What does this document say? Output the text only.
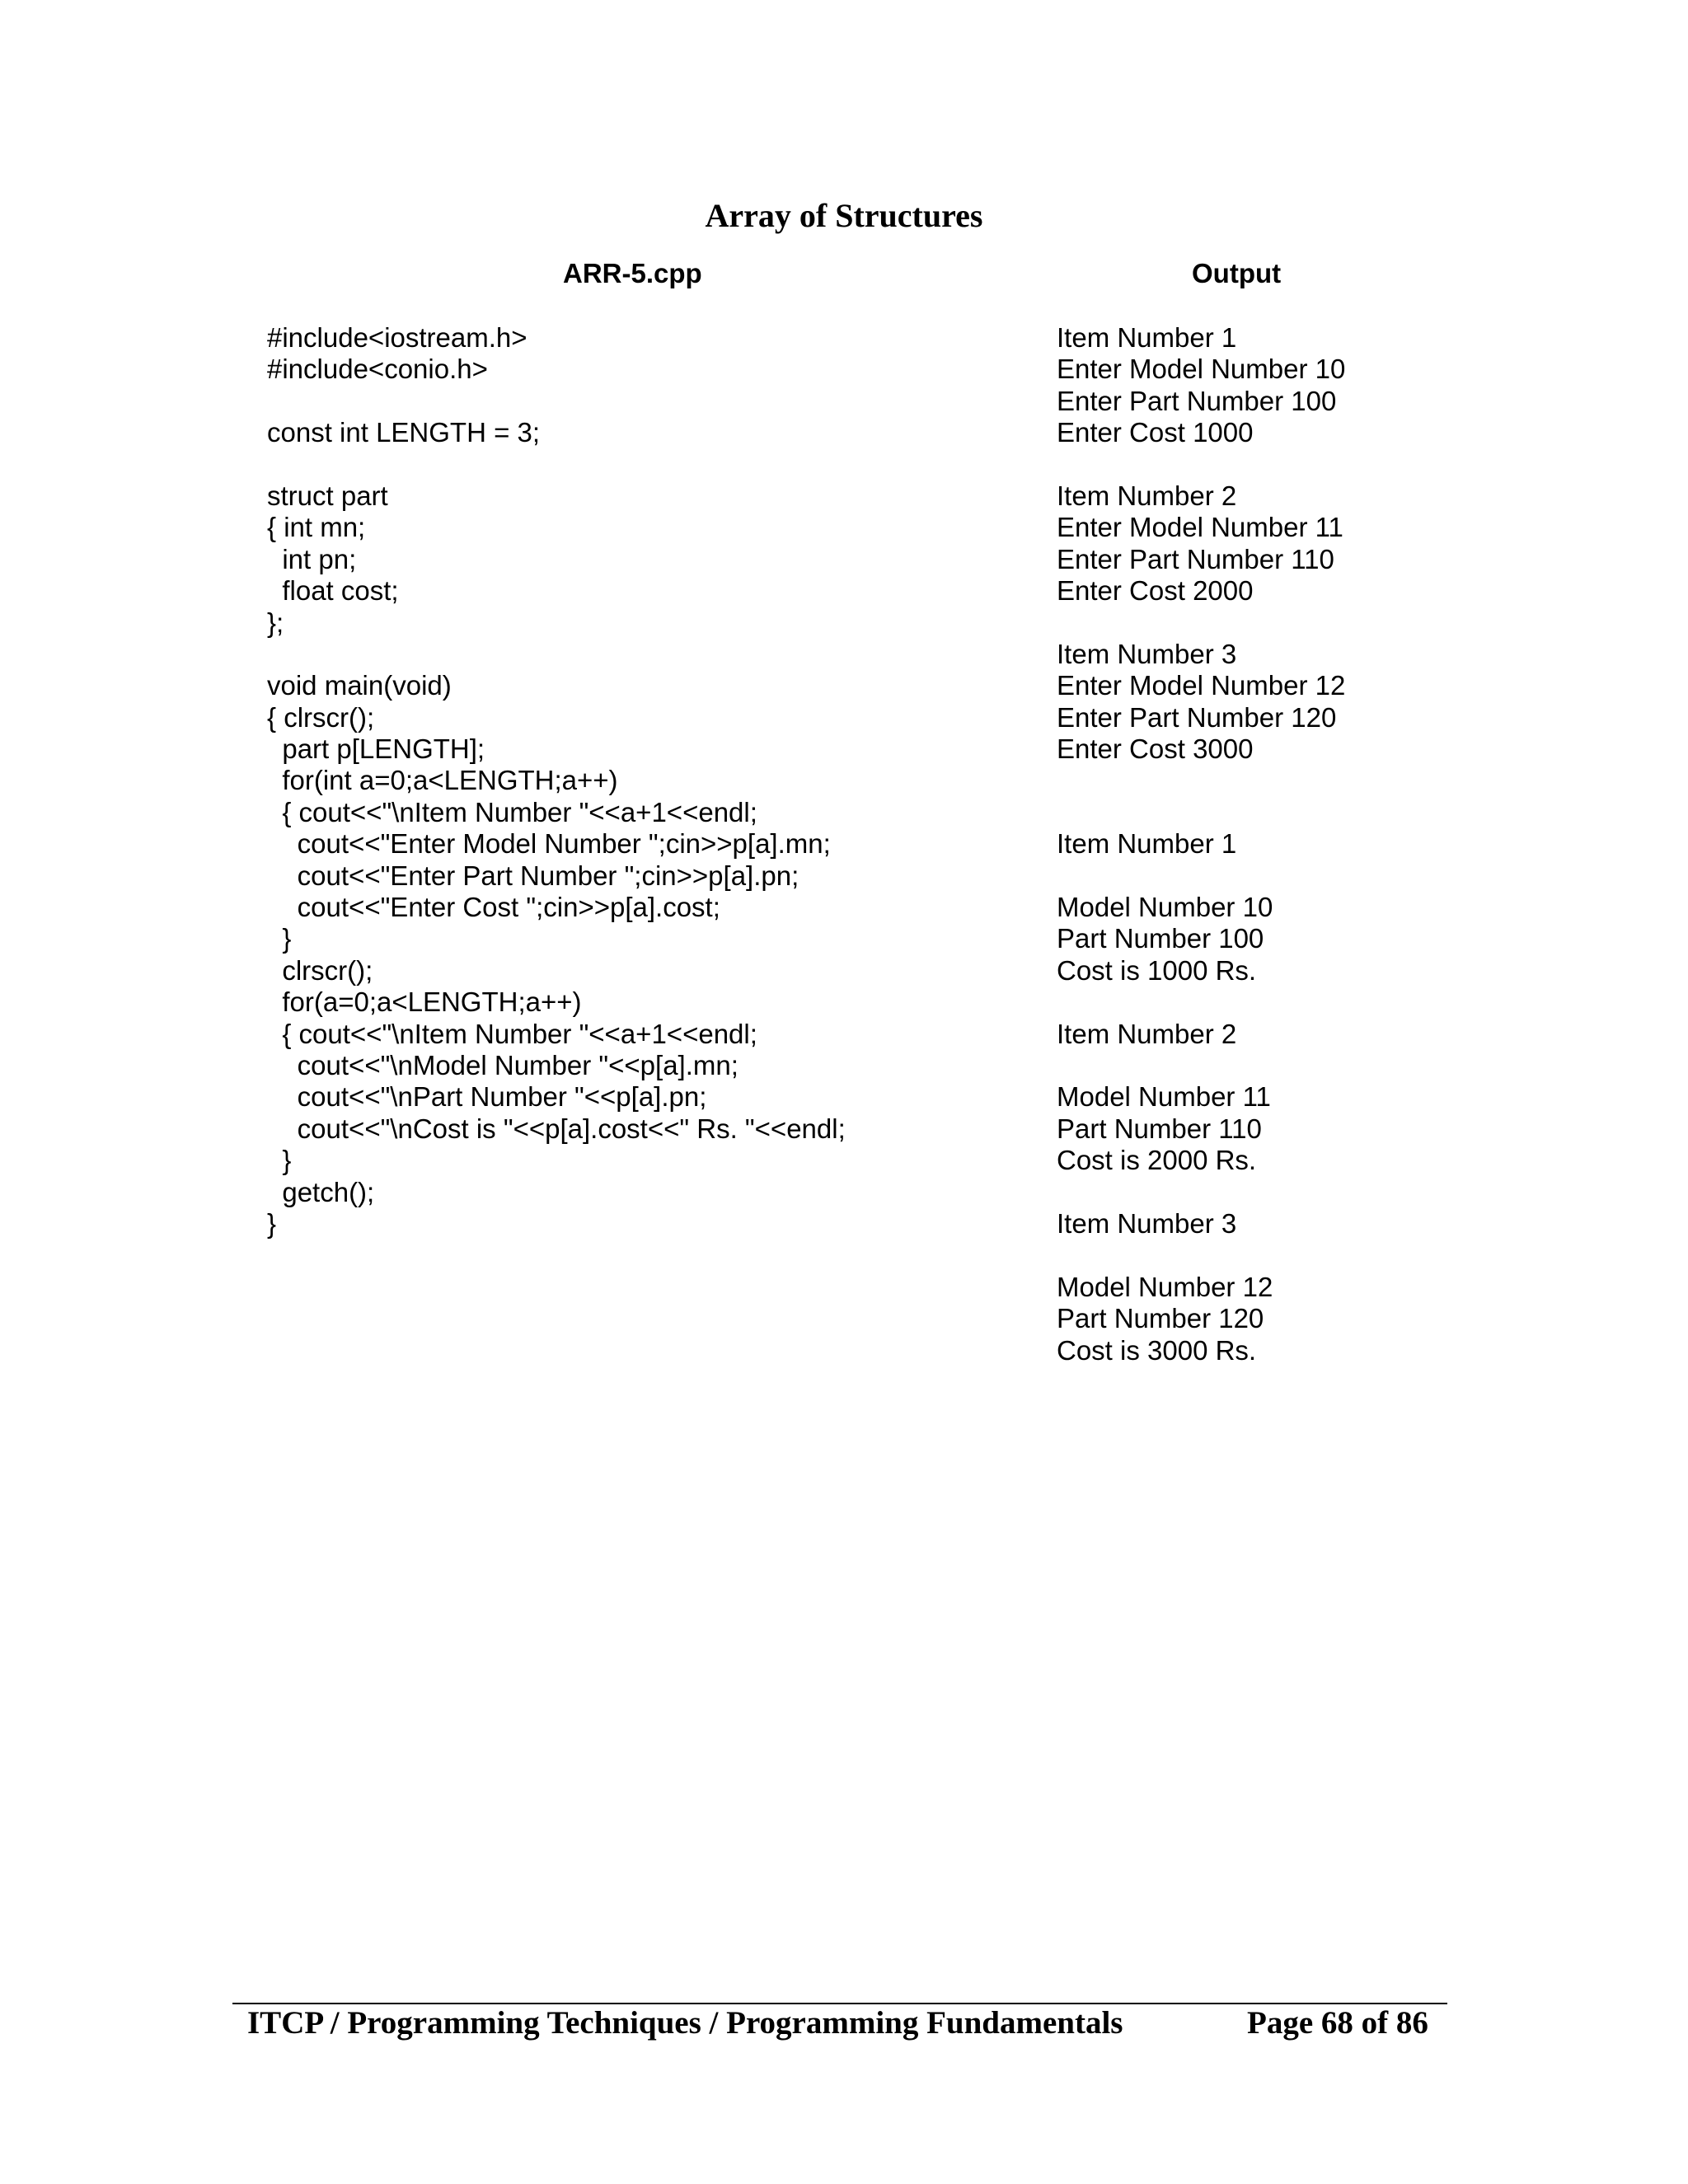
Array of Structures
ARR-5.cpp	Output
#include<iostream.h>
#include<conio.h>
const int LENGTH = 3;
struct part
{ int mn;
int pn;
float cost;
};
void main(void)
{ clrscr();
part p[LENGTH];
for(int a=0;a<LENGTH;a++)
{ cout<<"\nItem Number "<<a+1<<endl;
cout<<"Enter Model Number ";cin>>p[a].mn;
cout<<"Enter Part Number ";cin>>p[a].pn;
cout<<"Enter Cost ";cin>>p[a].cost;
}
clrscr();
for(a=0;a<LENGTH;a++)
{ cout<<"\nItem Number "<<a+1<<endl;
cout<<"\nModel Number "<<p[a].mn;
cout<<"\nPart Number "<<p[a].pn;
cout<<"\nCost is "<<p[a].cost<<" Rs. "<<endl;
}
getch();
}
Item Number 1
Enter Model Number 10
Enter Part Number 100
Enter Cost 1000
Item Number 2
Enter Model Number 11
Enter Part Number 110
Enter Cost 2000
Item Number 3
Enter Model Number 12
Enter Part Number 120
Enter Cost 3000
Item Number 1
Model Number 10
Part Number 100
Cost is 1000 Rs.
Item Number 2
Model Number 11
Part Number 110
Cost is 2000 Rs.
Item Number 3
Model Number 12
Part Number 120
Cost is 3000 Rs.
ITCP / Programming Techniques / Programming Fundamentals	Page 68 of 86
